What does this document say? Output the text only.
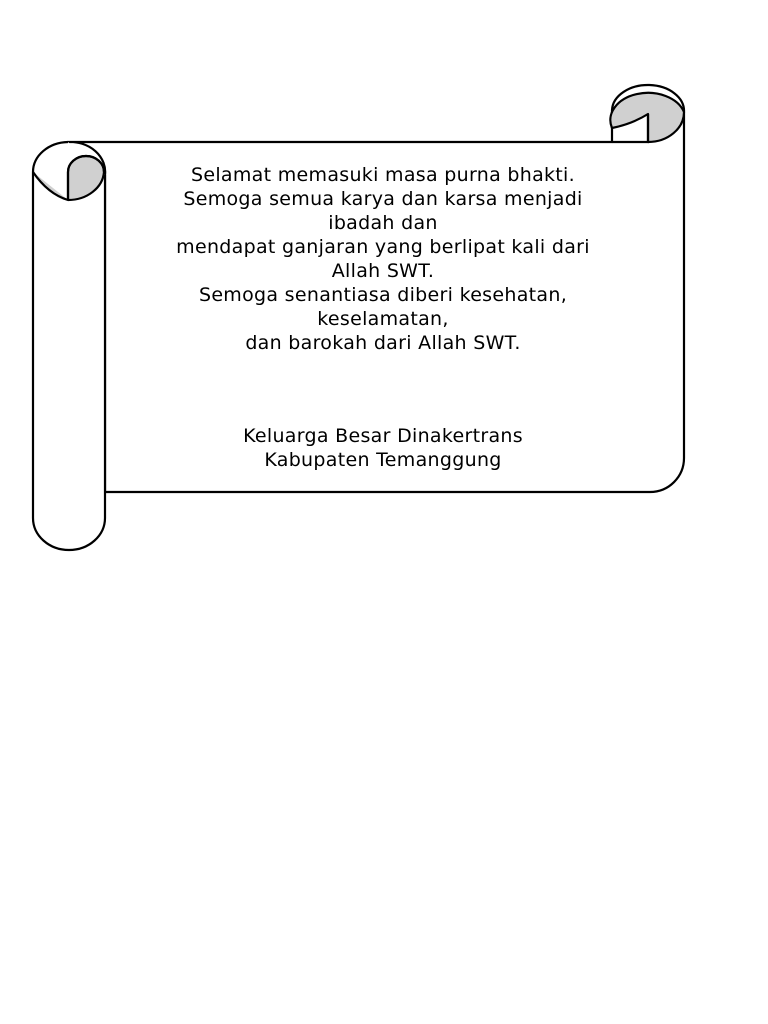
Selamat memasuki masa purna bhakti.
Semoga semua karya dan karsa menjadi
ibadah dan
mendapat ganjaran yang berlipat kali dari
Allah SWT.
Semoga senantiasa diberi kesehatan,
keselamatan,
dan barokah dari Allah SWT.
Keluarga Besar Dinakertrans
Kabupaten Temanggung
